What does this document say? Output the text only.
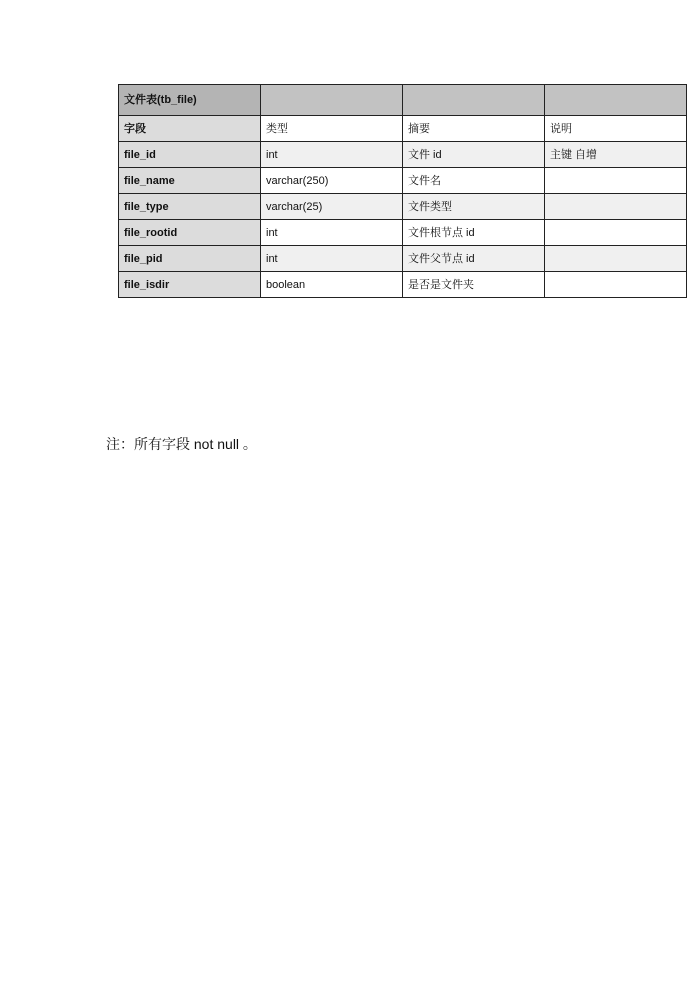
文件表(tb_file)			
字段	类型	摘要	说明
file_id	int	文件 id	主键 自增
file_name	varchar(250)	文件名	
file_type	varchar(25)	文件类型	
file_rootid	int	文件根节点 id	
file_pid	int	文件父节点 id	
file_isdir	boolean	是否是文件夹	
注：所有字段 not null 。
